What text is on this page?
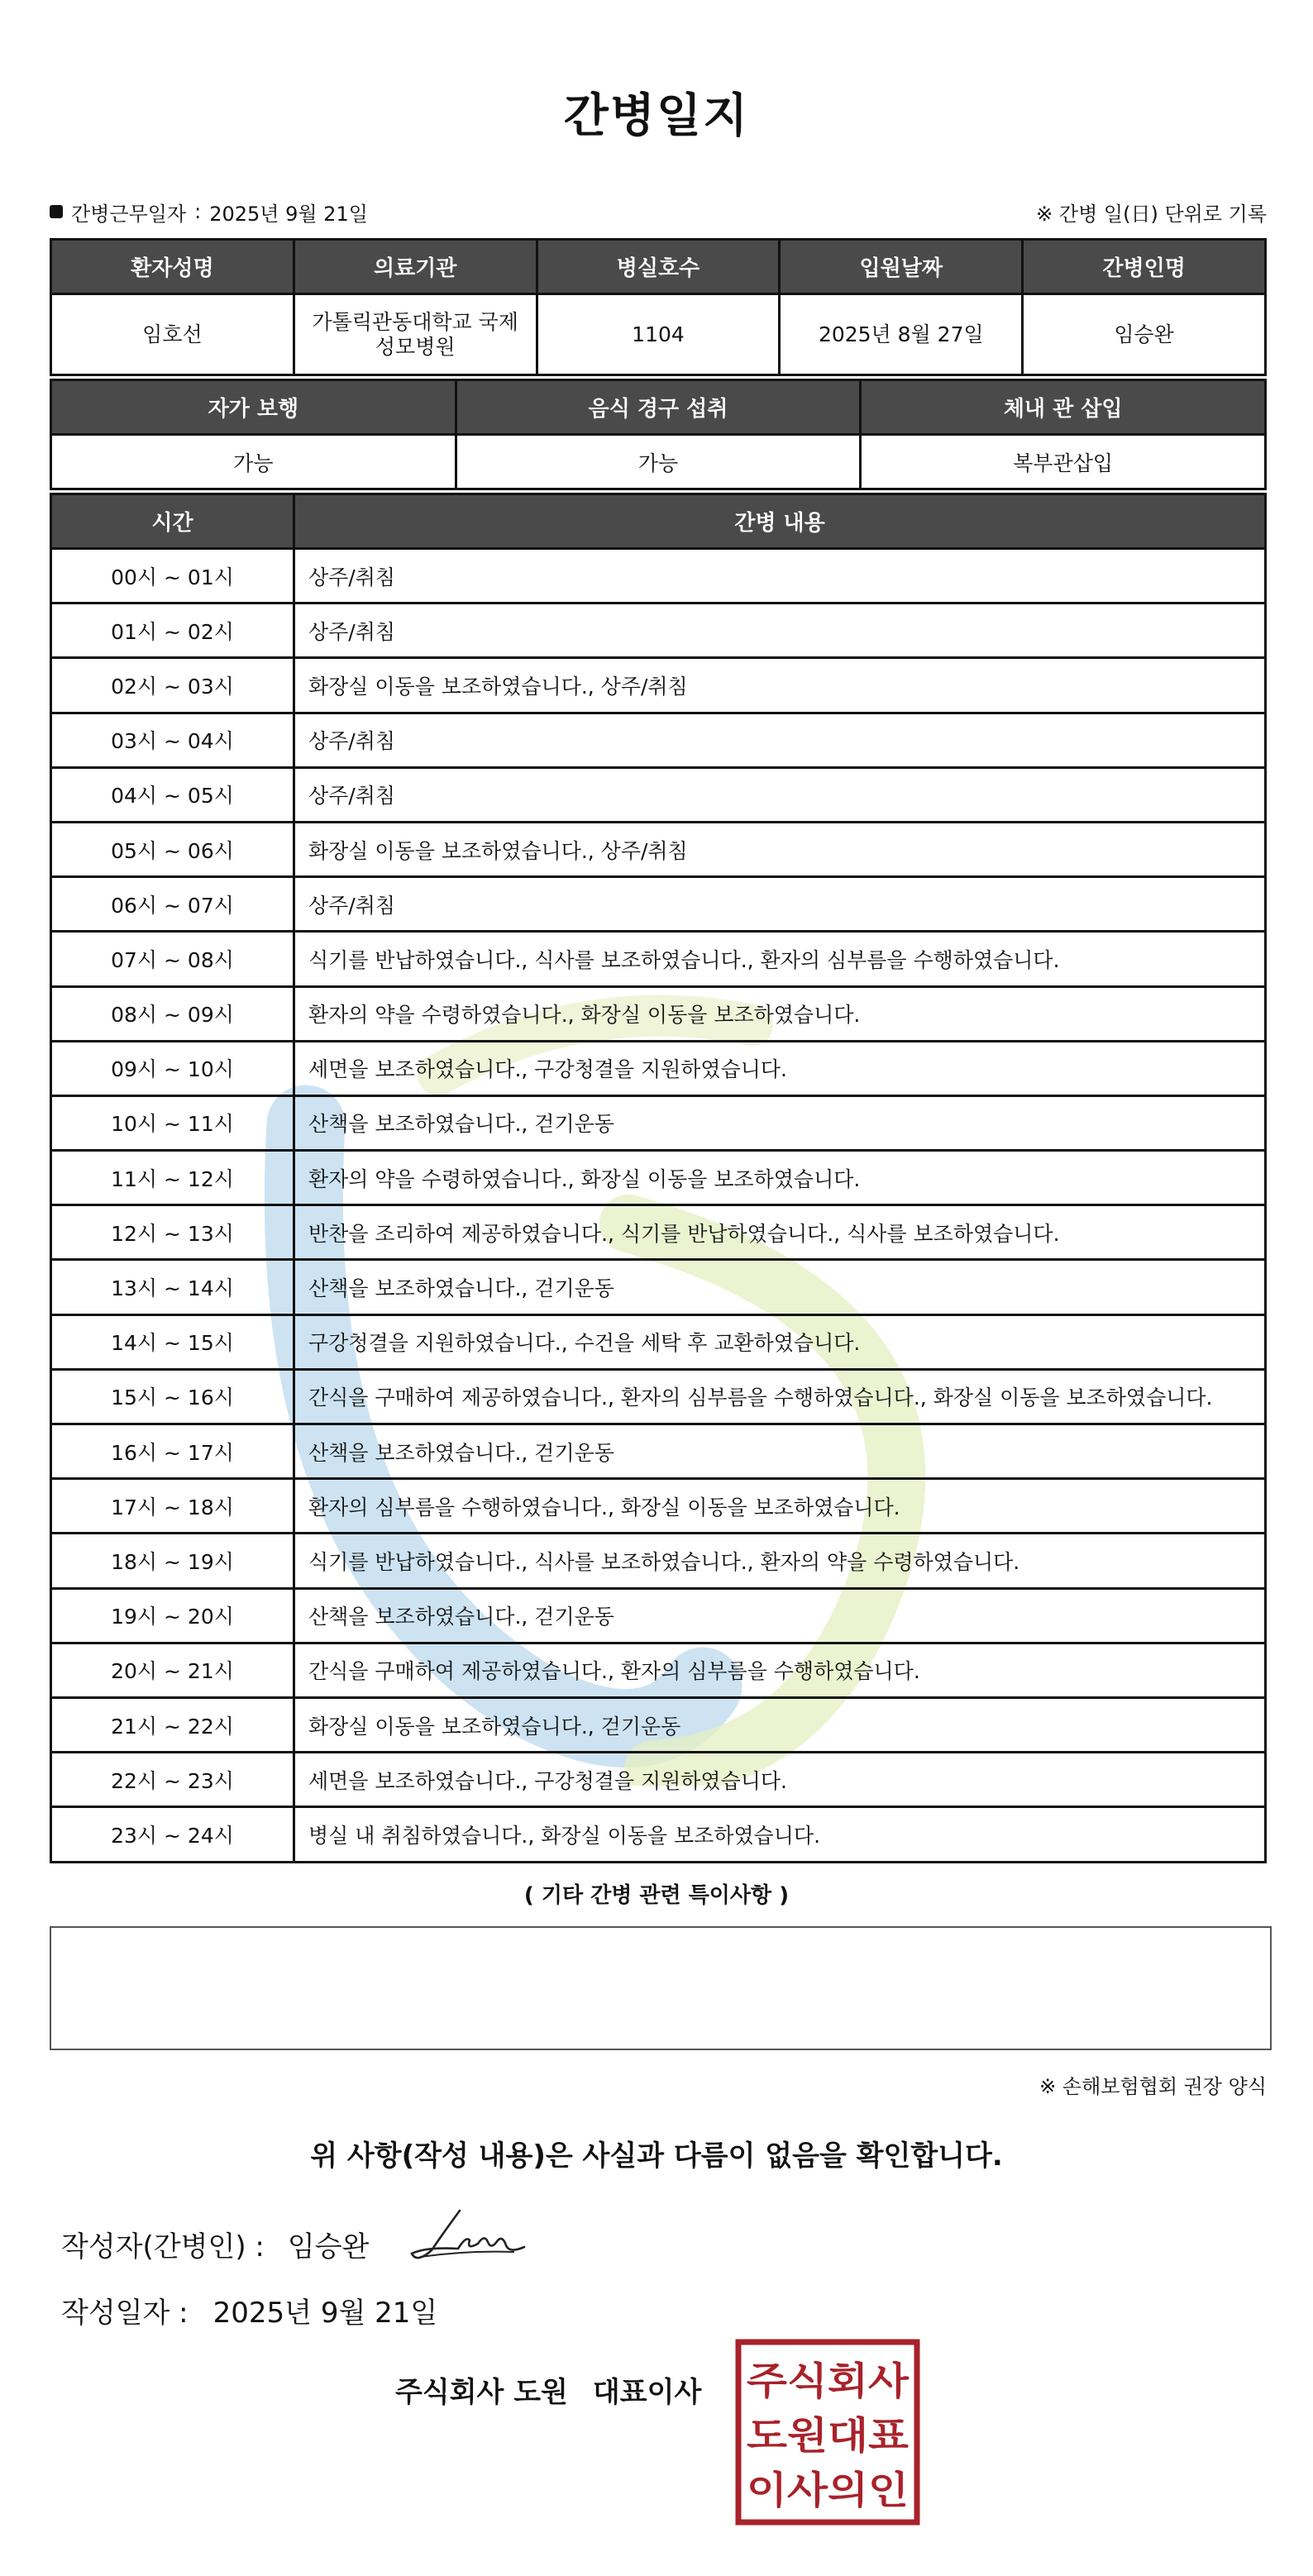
간병일지
간병근무일자 : 2025년 9월 21일	※ 간병 일(日) 단위로 기록
환자성명	의료기관	병실호수	입원날짜	간병인명
임호선	가톨릭관동대학교 국제성모병원	1104	2025년 8월 27일	임승완
자가 보행	음식 경구 섭취	체내 관 삽입
가능	가능	복부관삽입
시간	간병 내용
00시 ~ 01시	상주/취침
01시 ~ 02시	상주/취침
02시 ~ 03시	화장실 이동을 보조하였습니다., 상주/취침
03시 ~ 04시	상주/취침
04시 ~ 05시	상주/취침
05시 ~ 06시	화장실 이동을 보조하였습니다., 상주/취침
06시 ~ 07시	상주/취침
07시 ~ 08시	식기를 반납하였습니다., 식사를 보조하였습니다., 환자의 심부름을 수행하였습니다.
08시 ~ 09시	환자의 약을 수령하였습니다., 화장실 이동을 보조하였습니다.
09시 ~ 10시	세면을 보조하였습니다., 구강청결을 지원하였습니다.
10시 ~ 11시	산책을 보조하였습니다., 걷기운동
11시 ~ 12시	환자의 약을 수령하였습니다., 화장실 이동을 보조하였습니다.
12시 ~ 13시	반찬을 조리하여 제공하였습니다., 식기를 반납하였습니다., 식사를 보조하였습니다.
13시 ~ 14시	산책을 보조하였습니다., 걷기운동
14시 ~ 15시	구강청결을 지원하였습니다., 수건을 세탁 후 교환하였습니다.
15시 ~ 16시	간식을 구매하여 제공하였습니다., 환자의 심부름을 수행하였습니다., 화장실 이동을 보조하였습니다.
16시 ~ 17시	산책을 보조하였습니다., 걷기운동
17시 ~ 18시	환자의 심부름을 수행하였습니다., 화장실 이동을 보조하였습니다.
18시 ~ 19시	식기를 반납하였습니다., 식사를 보조하였습니다., 환자의 약을 수령하였습니다.
19시 ~ 20시	산책을 보조하였습니다., 걷기운동
20시 ~ 21시	간식을 구매하여 제공하였습니다., 환자의 심부름을 수행하였습니다.
21시 ~ 22시	화장실 이동을 보조하였습니다., 걷기운동
22시 ~ 23시	세면을 보조하였습니다., 구강청결을 지원하였습니다.
23시 ~ 24시	병실 내 취침하였습니다., 화장실 이동을 보조하였습니다.
( 기타 간병 관련 특이사항 )
※ 손해보험협회 권장 양식
위 사항(작성 내용)은 사실과 다름이 없음을 확인합니다.
작성자(간병인) : 임승완
작성일자 : 2025년 9월 21일
주식회사 도원 대표이사 주식회사
도원대표
이사의인
